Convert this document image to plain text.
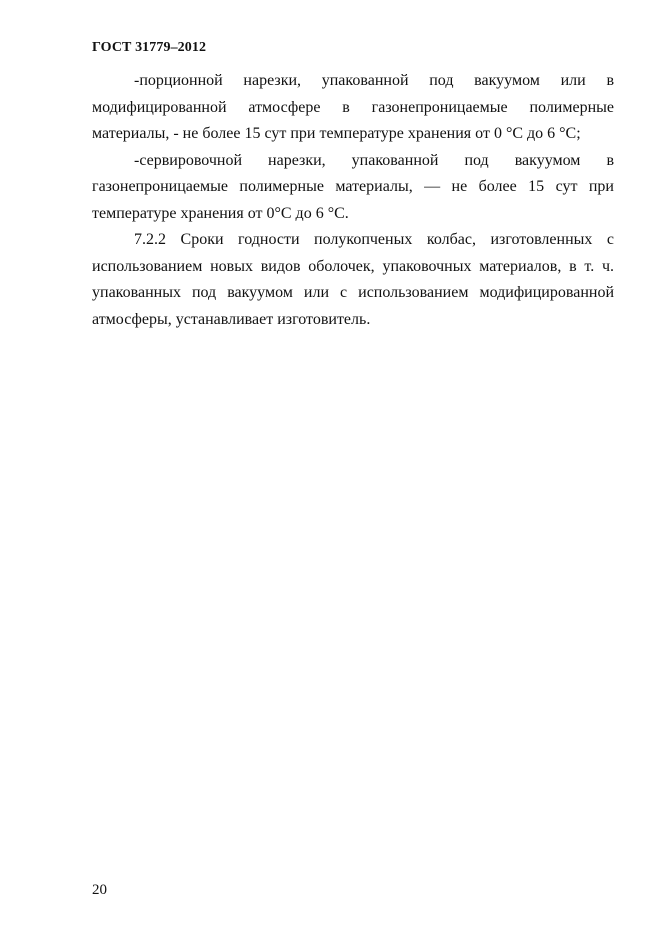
ГОСТ 31779–2012

-порционной нарезки, упакованной под вакуумом или в модифицированной атмосфере в газонепроницаемые полимерные материалы, - не более 15 сут при температуре хранения от 0 °С до 6 °С;

-сервировочной нарезки, упакованной под вакуумом в газонепроницаемые полимерные материалы, — не более 15 сут при температуре хранения от 0°С до 6 °С.

7.2.2 Сроки годности полукопченых колбас, изготовленных с использованием новых видов оболочек, упаковочных материалов, в т. ч. упакованных под вакуумом или с использованием модифицированной атмосферы, устанавливает изготовитель.

20
